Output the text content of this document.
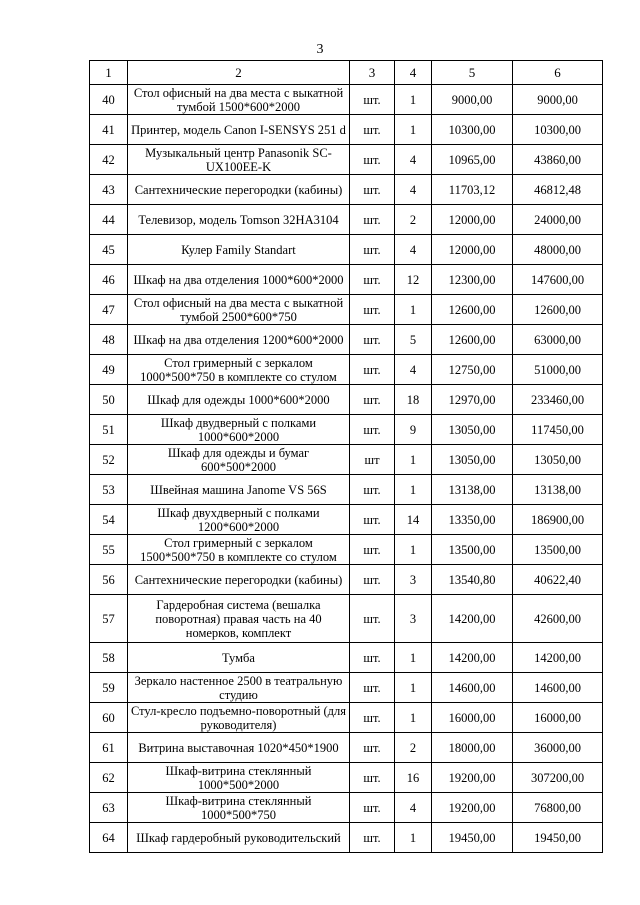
3
1	2	3	4	5	6
40	Стол офисный на два места с выкатной тумбой 1500*600*2000	шт.	1	9000,00	9000,00
41	Принтер, модель Canon I-SENSYS 251 d	шт.	1	10300,00	10300,00
42	Музыкальный центр Panasonik SC-UX100EE-K	шт.	4	10965,00	43860,00
43	Сантехнические перегородки (кабины)	шт.	4	11703,12	46812,48
44	Телевизор, модель Tomson 32HA3104	шт.	2	12000,00	24000,00
45	Кулер Family Standart	шт.	4	12000,00	48000,00
46	Шкаф на два отделения 1000*600*2000	шт.	12	12300,00	147600,00
47	Стол офисный на два места с выкатной тумбой 2500*600*750	шт.	1	12600,00	12600,00
48	Шкаф на два отделения 1200*600*2000	шт.	5	12600,00	63000,00
49	Стол гримерный с зеркалом 1000*500*750 в комплекте со стулом	шт.	4	12750,00	51000,00
50	Шкаф для одежды 1000*600*2000	шт.	18	12970,00	233460,00
51	Шкаф двудверный с полками 1000*600*2000	шт.	9	13050,00	117450,00
52	Шкаф для одежды и бумаг 600*500*2000	шт	1	13050,00	13050,00
53	Швейная машина Janome VS 56S	шт.	1	13138,00	13138,00
54	Шкаф двухдверный с полками 1200*600*2000	шт.	14	13350,00	186900,00
55	Стол гримерный с зеркалом 1500*500*750 в комплекте со стулом	шт.	1	13500,00	13500,00
56	Сантехнические перегородки (кабины)	шт.	3	13540,80	40622,40
57	Гардеробная система (вешалка поворотная) правая часть на 40 номерков, комплект	шт.	3	14200,00	42600,00
58	Тумба	шт.	1	14200,00	14200,00
59	Зеркало настенное 2500 в театральную студию	шт.	1	14600,00	14600,00
60	Стул-кресло подъемно-поворотный (для руководителя)	шт.	1	16000,00	16000,00
61	Витрина выставочная 1020*450*1900	шт.	2	18000,00	36000,00
62	Шкаф-витрина стеклянный 1000*500*2000	шт.	16	19200,00	307200,00
63	Шкаф-витрина стеклянный 1000*500*750	шт.	4	19200,00	76800,00
64	Шкаф гардеробный руководительский	шт.	1	19450,00	19450,00
